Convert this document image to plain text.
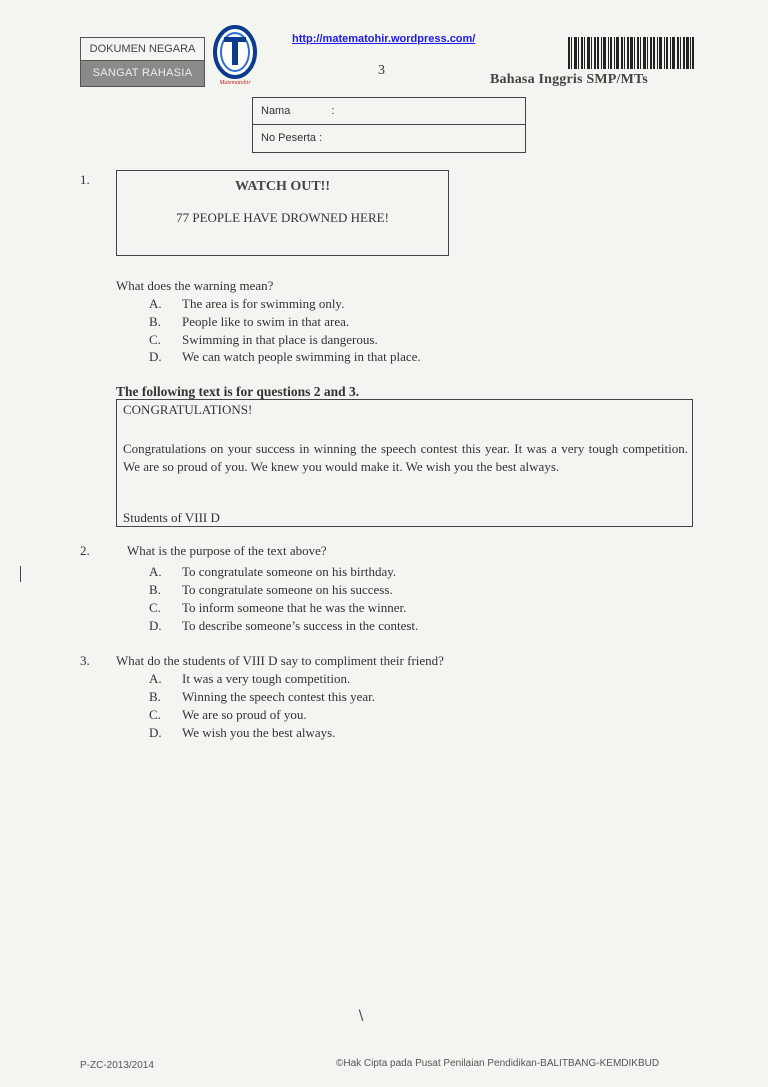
DOKUMEN NEGARA
SANGAT RAHASIA
Matematohir
http://matematohir.wordpress.com/
3
Bahasa Inggris SMP/MTs
Nama	:
No Peserta :
1.	WATCH OUT!!
77 PEOPLE HAVE DROWNED HERE!
What does the warning mean?
A. The area is for swimming only.
B. People like to swim in that area.
C. Swimming in that place is dangerous.
D. We can watch people swimming in that place.
The following text is for questions 2 and 3.
CONGRATULATIONS!
Congratulations on your success in winning the speech contest this year. It was a very tough competition. We are so proud of you. We knew you would make it. We wish you the best always.
Students of VIII D
2.	What is the purpose of the text above?
A. To congratulate someone on his birthday.
B. To congratulate someone on his success.
C. To inform someone that he was the winner.
D. To describe someone’s success in the contest.
3. What do the students of VIII D say to compliment their friend?
A. It was a very tough competition.
B. Winning the speech contest this year.
C. We are so proud of you.
D. We wish you the best always.
∖
P-ZC-2013/2014	©Hak Cipta pada Pusat Penilaian Pendidikan-BALITBANG-KEMDIKBUD
